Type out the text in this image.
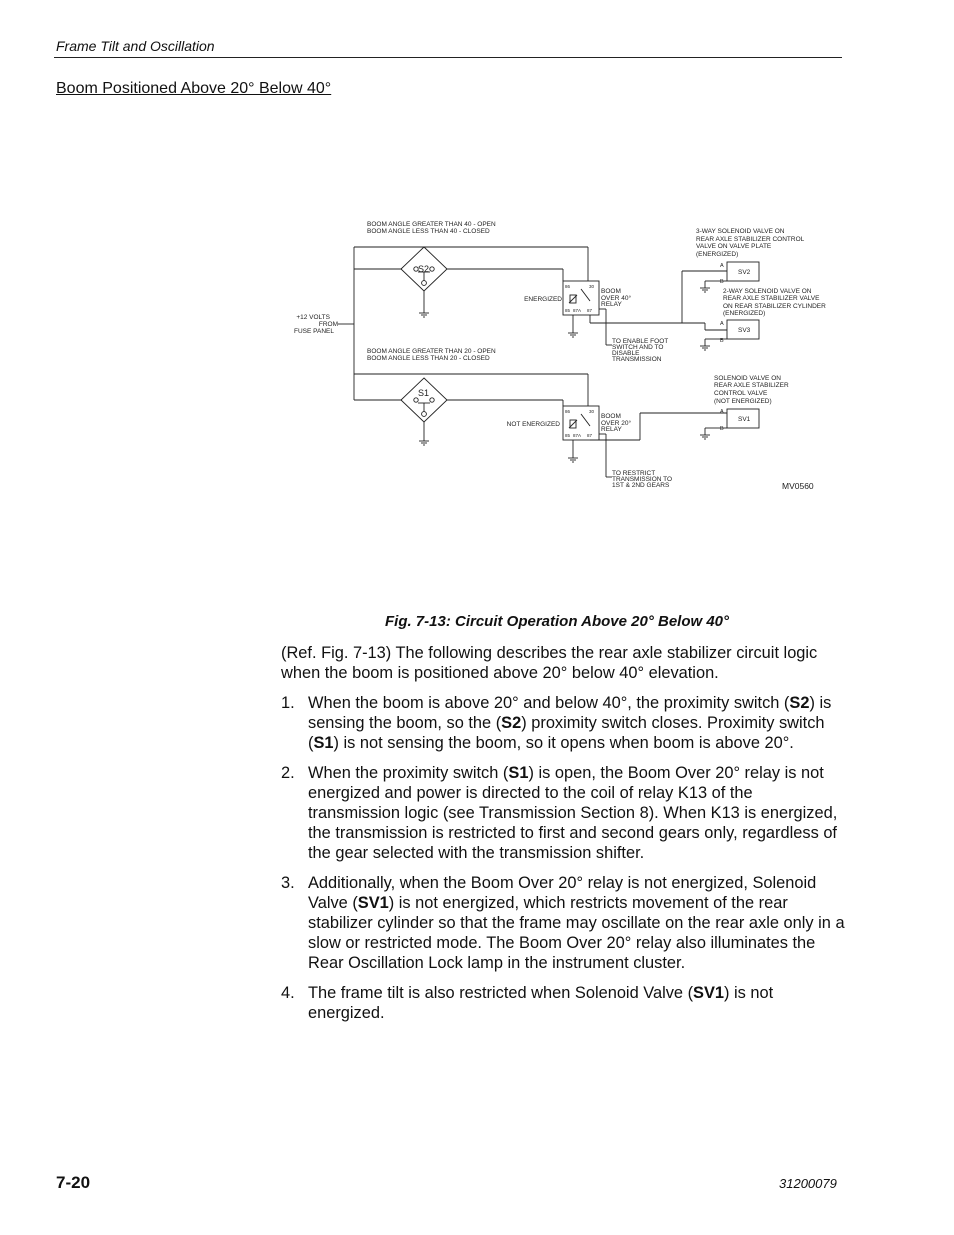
Frame Tilt and Oscillation
Boom Positioned Above 20° Below 40°
+12 VOLTS
FROM
FUSE PANEL
BOOM ANGLE GREATER THAN 40 - OPEN
BOOM ANGLE LESS THAN 40 - CLOSED
S2
ENERGIZED
BOOM
OVER 40°
RELAY
86	30
85 87A 87
TO ENABLE FOOT
SWITCH AND TO
DISABLE
TRANSMISSION
3-WAY SOLENOID VALVE ON
REAR AXLE STABILIZER CONTROL
VALVE ON VALVE PLATE
(ENERGIZED)
A
B
SV2
2-WAY SOLENOID VALVE ON
REAR AXLE STABILIZER VALVE
ON REAR STABILIZER CYLINDER
(ENERGIZED)
A
B
SV3
BOOM ANGLE GREATER THAN 20 - OPEN
BOOM ANGLE LESS THAN 20 - CLOSED
S1
NOT ENERGIZED
BOOM
OVER 20°
RELAY
86	30
85 87A 87
TO RESTRICT
TRANSMISSION TO
1ST & 2ND GEARS
SOLENOID VALVE ON
REAR AXLE STABILIZER
CONTROL VALVE
(NOT ENERGIZED)
A
B
SV1
MV0560
Fig. 7-13: Circuit Operation Above 20° Below 40°
(Ref. Fig. 7-13) The following describes the rear axle stabilizer circuit logic when the boom is positioned above 20° below 40° elevation.
1. When the boom is above 20° and below 40°, the proximity switch (S2) is sensing the boom, so the (S2) proximity switch closes. Proximity switch (S1) is not sensing the boom, so it opens when boom is above 20°.
2. When the proximity switch (S1) is open, the Boom Over 20° relay is not energized and power is directed to the coil of relay K13 of the transmission logic (see Transmission Section 8). When K13 is energized, the transmission is restricted to first and second gears only, regardless of the gear selected with the transmission shifter.
3. Additionally, when the Boom Over 20° relay is not energized, Solenoid Valve (SV1) is not energized, which restricts movement of the rear stabilizer cylinder so that the frame may oscillate on the rear axle only in a slow or restricted mode. The Boom Over 20° relay also illuminates the Rear Oscillation Lock lamp in the instrument cluster.
4. The frame tilt is also restricted when Solenoid Valve (SV1) is not energized.
7-20	31200079
